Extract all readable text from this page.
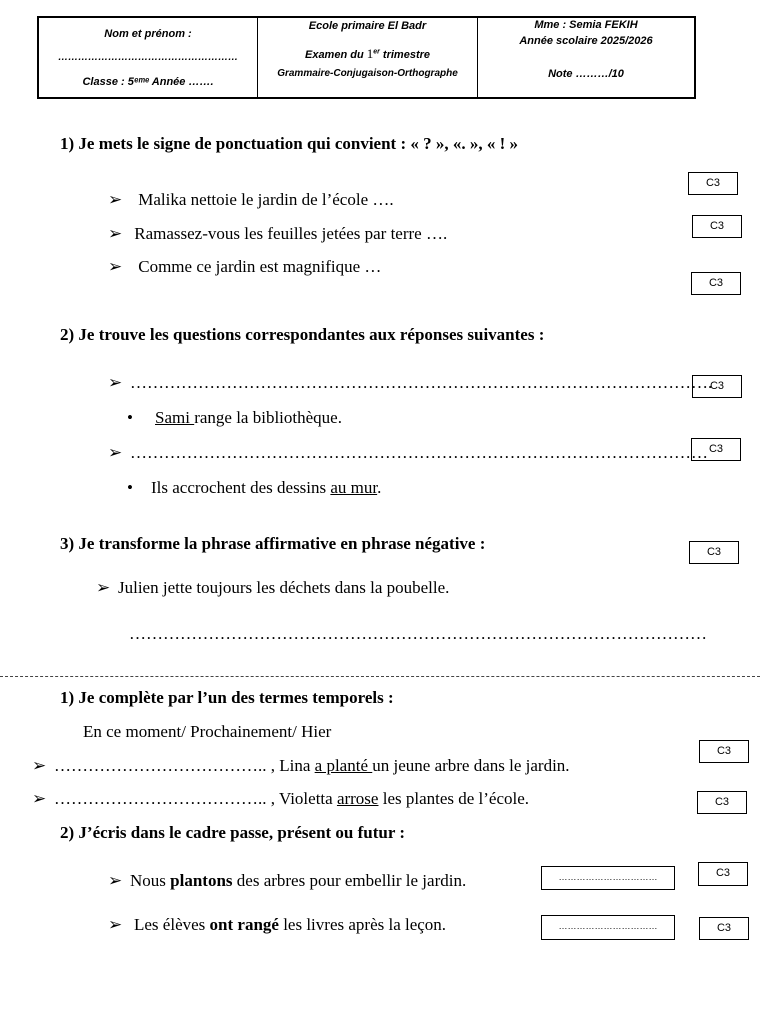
Nom et prénom :
………………………………………………
Classe : 5ᵉᵐᵉ Année …….
Ecole primaire El Badr
Examen du 1er trimestre
Grammaire-Conjugaison-Orthographe
Mme : Semia FEKIH
Année scolaire 2025/2026
Note ………/10
1) Je mets le signe de ponctuation qui convient : « ? », «. », « ! »
➢ Malika nettoie le jardin de l’école ….
➢ Ramassez-vous les feuilles jetées par terre ….
➢ Comme ce jardin est magnifique …
C3
C3
C3
2) Je trouve les questions correspondantes aux réponses suivantes :
➢ ………………………………………………………………………………………….
• Sami range la bibliothèque.
➢ …………………………………………………………………………………………
• Ils accrochent des dessins au mur.
C3
C3
3) Je transforme la phrase affirmative en phrase négative :	C3
➢ Julien jette toujours les déchets dans la poubelle.
…………………………………………………………………………………………
1) Je complète par l’un des termes temporels :
En ce moment/ Prochainement/ Hier
➢ ……………………………….. , Lina a planté un jeune arbre dans le jardin.
➢ ……………………………….. , Violetta arrose les plantes de l’école.
C3
C3
2) J’écris dans le cadre passe, présent ou futur :
➢ Nous plantons des arbres pour embellir le jardin.	……………………………	C3
➢ Les élèves ont rangé les livres après la leçon.	……………………………	C3
